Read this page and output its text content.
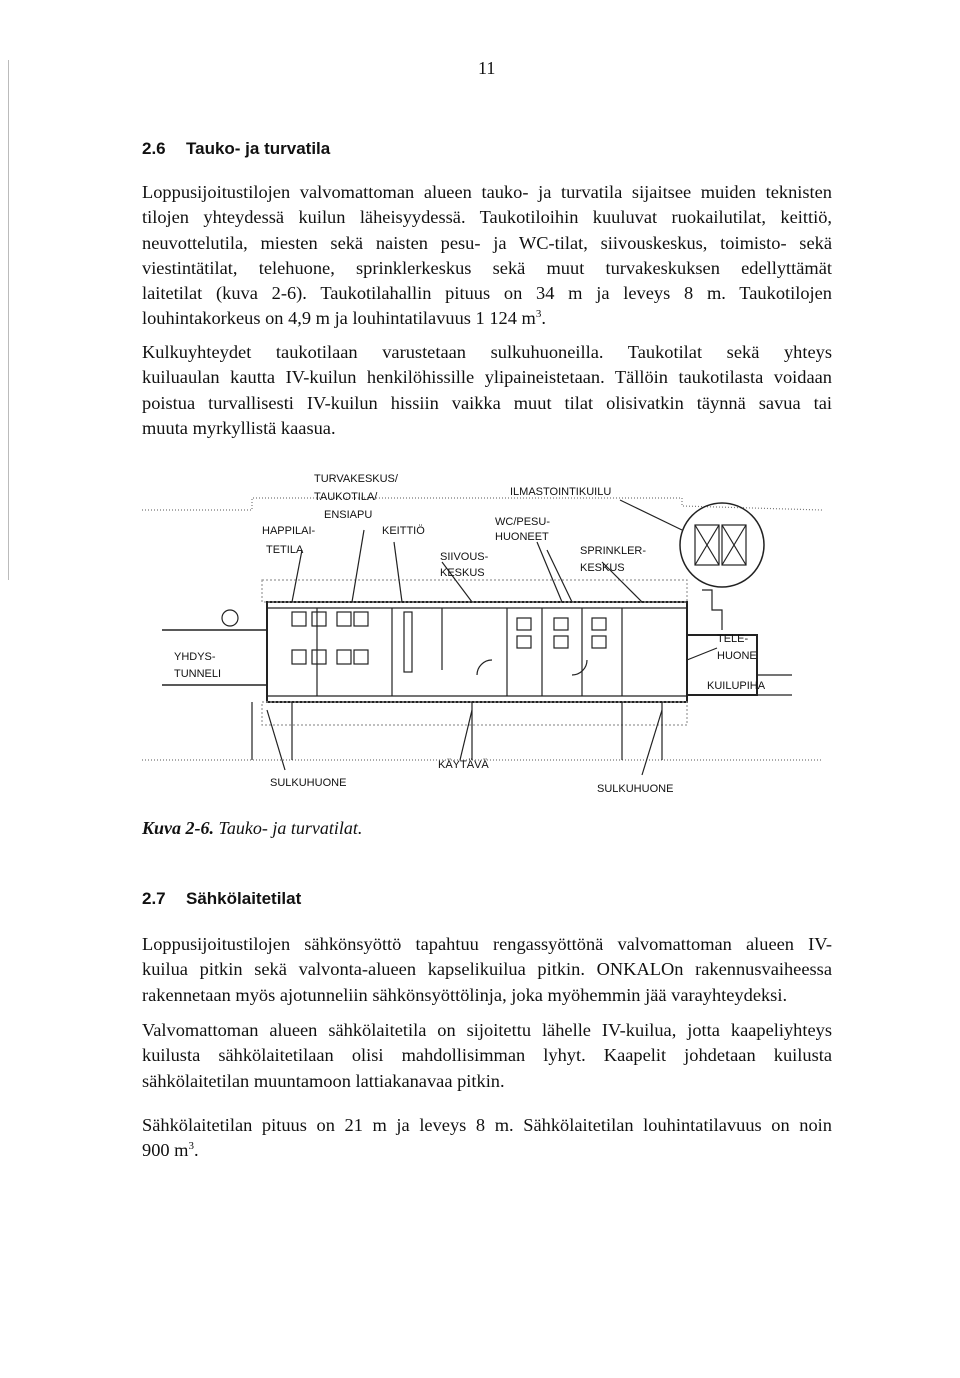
11
2.6 Tauko- ja turvatila
Loppusijoitustilojen valvomattoman alueen tauko- ja turvatila sijaitsee muiden teknisten
tilojen yhteydessä kuilun läheisyydessä. Taukotiloihin kuuluvat ruokailutilat, keittiö,
neuvottelutila, miesten sekä naisten pesu- ja WC-tilat, siivouskeskus, toimisto- sekä
viestintätilat, telehuone, sprinklerkeskus sekä muut turvakeskuksen edellyttämät
laitetilat (kuva 2-6). Taukotilahallin pituus on 34 m ja leveys 8 m. Taukotilojen
louhintakorkeus on 4,9 m ja louhintatilavuus 1 124 $m^3$.
Kulkuyhteydet taukotilaan varustetaan sulkuhuoneilla. Taukotilat sekä yhteys
kuiluaulan kautta IV-kuilun henkilöhissille ylipaineistetaan. Tällöin taukotilasta voidaan
poistua turvallisesti IV-kuilun hissiin vaikka muut tilat olisivatkin täynnä savua tai
muuta myrkyllistä kaasua.
TURVAKESKUS/
TAUKOTILA/
ENSIAPU
HAPPILAI-
TETILA
KEITTIÖ
ILMASTOINTIKUILU
WC/PESU-
HUONEET
SIIVOUS-
KESKUS
SPRINKLER-
KESKUS
YHDYS-
TUNNELI
TELE-
HUONE
KUILUPIHA
SULKUHUONE
KÄYTÄVÄ
SULKUHUONE
Kuva 2-6. Tauko- ja turvatilat.
2.7 Sähkölaitetilat
Loppusijoitustilojen sähkönsyöttö tapahtuu rengassyöttönä valvomattoman alueen IV-
kuilua pitkin sekä valvonta-alueen kapselikuilua pitkin. ONKALOn rakennusvaiheessa
rakennetaan myös ajotunneliin sähkönsyöttölinja, joka myöhemmin jää varayhteydeksi.
Valvomattoman alueen sähkölaitetila on sijoitettu lähelle IV-kuilua, jotta kaapeliyhteys
kuilusta sähkölaitetilaan olisi mahdollisimman lyhyt. Kaapelit johdetaan kuilusta
sähkölaitetilan muuntamoon lattiakanavaa pitkin.
Sähkölaitetilan pituus on 21 m ja leveys 8 m. Sähkölaitetilan louhintatilavuus on noin
900 $m^3$.
